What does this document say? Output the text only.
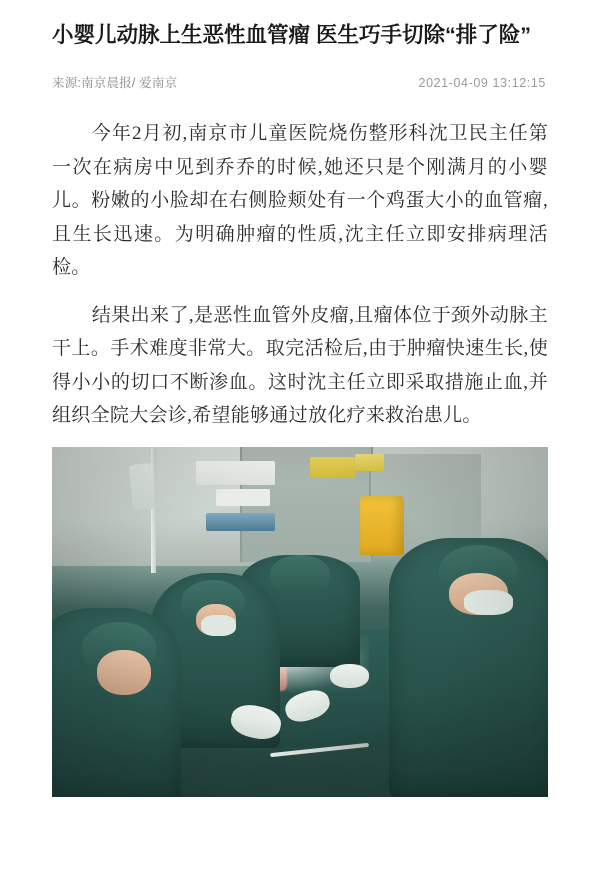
小婴儿动脉上生恶性血管瘤 医生巧手切除“排了险”
来源:南京晨报/ 爱南京	2021-04-09 13:12:15

今年2月初,南京市儿童医院烧伤整形科沈卫民主任第一次在病房中见到乔乔的时候,她还只是个刚满月的小婴儿。粉嫩的小脸却在右侧脸颊处有一个鸡蛋大小的血管瘤,且生长迅速。为明确肿瘤的性质,沈主任立即安排病理活检。

结果出来了,是恶性血管外皮瘤,且瘤体位于颈外动脉主干上。手术难度非常大。取完活检后,由于肿瘤快速生长,使得小小的切口不断渗血。这时沈主任立即采取措施止血,并组织全院大会诊,希望能够通过放化疗来救治患儿。
